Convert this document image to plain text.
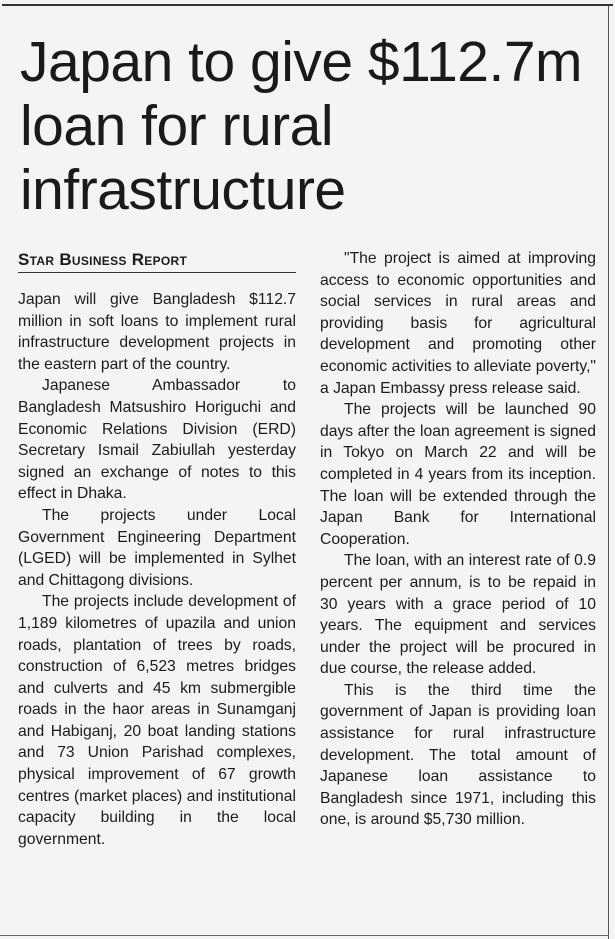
Japan to give $112.7m loan for rural infrastructure
Star Business Report

Japan will give Bangladesh $112.7 million in soft loans to implement rural infrastructure development projects in the eastern part of the country.

Japanese Ambassador to Bangladesh Matsushiro Horiguchi and Economic Relations Division (ERD) Secretary Ismail Zabiullah yesterday signed an exchange of notes to this effect in Dhaka.

The projects under Local Government Engineering Department (LGED) will be implemented in Sylhet and Chittagong divisions.

The projects include development of 1,189 kilometres of upazila and union roads, plantation of trees by roads, construction of 6,523 metres bridges and culverts and 45 km submergible roads in the haor areas in Sunamganj and Habiganj, 20 boat landing stations and 73 Union Parishad complexes, physical improvement of 67 growth centres (market places) and institutional capacity building in the local government.

"The project is aimed at improving access to economic opportunities and social services in rural areas and providing basis for agricultural development and promoting other economic activities to alleviate poverty," a Japan Embassy press release said.

The projects will be launched 90 days after the loan agreement is signed in Tokyo on March 22 and will be completed in 4 years from its inception. The loan will be extended through the Japan Bank for International Cooperation.

The loan, with an interest rate of 0.9 percent per annum, is to be repaid in 30 years with a grace period of 10 years. The equipment and services under the project will be procured in due course, the release added.

This is the third time the government of Japan is providing loan assistance for rural infrastructure development. The total amount of Japanese loan assistance to Bangladesh since 1971, including this one, is around $5,730 million.
